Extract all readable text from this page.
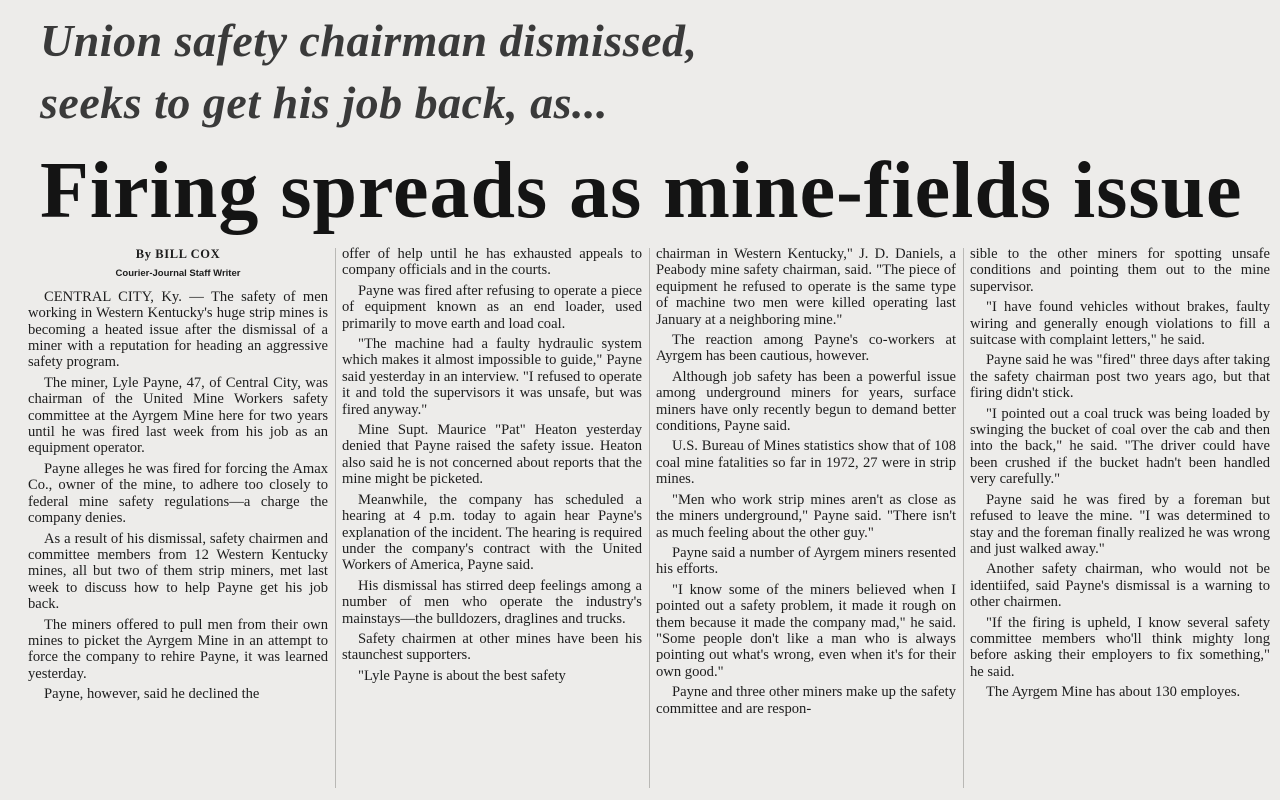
Union safety chairman dismissed,
seeks to get his job back, as...
Firing spreads as mine-fields issue
By BILL COX
Courier-Journal Staff Writer

CENTRAL CITY, Ky. — The safety of men working in Western Kentucky's huge strip mines is becoming a heated issue after the dismissal of a miner with a reputation for heading an aggressive safety program.

The miner, Lyle Payne, 47, of Central City, was chairman of the United Mine Workers safety committee at the Ayrgem Mine here for two years until he was fired last week from his job as an equipment operator.

Payne alleges he was fired for forcing the Amax Co., owner of the mine, to adhere too closely to federal mine safety regulations—a charge the company denies.

As a result of his dismissal, safety chairmen and committee members from 12 Western Kentucky mines, all but two of them strip miners, met last week to discuss how to help Payne get his job back.

The miners offered to pull men from their own mines to picket the Ayrgem Mine in an attempt to force the company to rehire Payne, it was learned yesterday.

Payne, however, said he declined the

offer of help until he has exhausted appeals to company officials and in the courts.

Payne was fired after refusing to operate a piece of equipment known as an end loader, used primarily to move earth and load coal.

"The machine had a faulty hydraulic system which makes it almost impossible to guide," Payne said yesterday in an interview. "I refused to operate it and told the supervisors it was unsafe, but was fired anyway."

Mine Supt. Maurice "Pat" Heaton yesterday denied that Payne raised the safety issue. Heaton also said he is not concerned about reports that the mine might be picketed.

Meanwhile, the company has scheduled a hearing at 4 p.m. today to again hear Payne's explanation of the incident. The hearing is required under the company's contract with the United Workers of America, Payne said.

His dismissal has stirred deep feelings among a number of men who operate the industry's mainstays—the bulldozers, draglines and trucks.

Safety chairmen at other mines have been his staunchest supporters.

"Lyle Payne is about the best safety

chairman in Western Kentucky," J. D. Daniels, a Peabody mine safety chairman, said. "The piece of equipment he refused to operate is the same type of machine two men were killed operating last January at a neighboring mine."

The reaction among Payne's co-workers at Ayrgem has been cautious, however.

Although job safety has been a powerful issue among underground miners for years, surface miners have only recently begun to demand better conditions, Payne said.

U.S. Bureau of Mines statistics show that of 108 coal mine fatalities so far in 1972, 27 were in strip mines.

"Men who work strip mines aren't as close as the miners underground," Payne said. "There isn't as much feeling about the other guy."

Payne said a number of Ayrgem miners resented his efforts.

"I know some of the miners believed when I pointed out a safety problem, it made it rough on them because it made the company mad," he said. "Some people don't like a man who is always pointing out what's wrong, even when it's for their own good."

Payne and three other miners make up the safety committee and are respon-

sible to the other miners for spotting unsafe conditions and pointing them out to the mine supervisor.

"I have found vehicles without brakes, faulty wiring and generally enough violations to fill a suitcase with complaint letters," he said.

Payne said he was "fired" three days after taking the safety chairman post two years ago, but that firing didn't stick.

"I pointed out a coal truck was being loaded by swinging the bucket of coal over the cab and then into the back," he said. "The driver could have been crushed if the bucket hadn't been handled very carefully."

Payne said he was fired by a foreman but refused to leave the mine. "I was determined to stay and the foreman finally realized he was wrong and just walked away."

Another safety chairman, who would not be identiifed, said Payne's dismissal is a warning to other chairmen.

"If the firing is upheld, I know several safety committee members who'll think mighty long before asking their employers to fix something," he said.

The Ayrgem Mine has about 130 employes.
